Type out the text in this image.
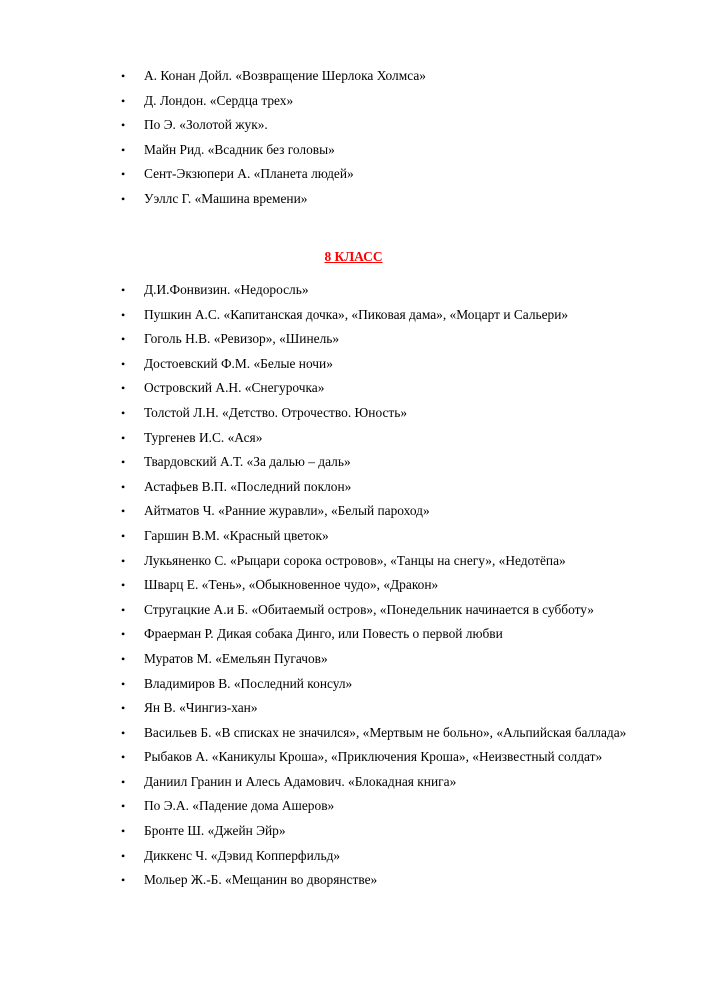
• А. Конан Дойл. «Возвращение Шерлока Холмса»
• Д. Лондон. «Сердца трех»
• По Э. «Золотой жук».
• Майн Рид. «Всадник без головы»
• Сент-Экзюпери А. «Планета людей»
• Уэллс Г. «Машина времени»
8 КЛАСС
• Д.И.Фонвизин. «Недоросль»
• Пушкин А.С. «Капитанская дочка», «Пиковая дама», «Моцарт и Сальери»
• Гоголь Н.В. «Ревизор», «Шинель»
• Достоевский Ф.М. «Белые ночи»
• Островский А.Н. «Снегурочка»
• Толстой Л.Н. «Детство. Отрочество. Юность»
• Тургенев И.С. «Ася»
• Твардовский А.Т. «За далью – даль»
• Астафьев В.П. «Последний поклон»
• Айтматов Ч. «Ранние журавли», «Белый пароход»
• Гаршин В.М. «Красный цветок»
• Лукьяненко С. «Рыцари сорока островов», «Танцы на снегу», «Недотёпа»
• Шварц Е. «Тень», «Обыкновенное чудо», «Дракон»
• Стругацкие А.и Б. «Обитаемый остров», «Понедельник начинается в субботу»
• Фраерман Р. Дикая собака Динго, или Повесть о первой любви
• Муратов М. «Емельян Пугачов»
• Владимиров В. «Последний консул»
• Ян В. «Чингиз-хан»
• Васильев Б. «В списках не значился», «Мертвым не больно», «Альпийская баллада»
• Рыбаков А. «Каникулы Кроша», «Приключения Кроша», «Неизвестный солдат»
• Даниил Гранин и Алесь Адамович. «Блокадная книга»
• По Э.А. «Падение дома Ашеров»
• Бронте Ш. «Джейн Эйр»
• Диккенс Ч. «Дэвид Копперфильд»
• Мольер Ж.-Б. «Мещанин во дворянстве»
